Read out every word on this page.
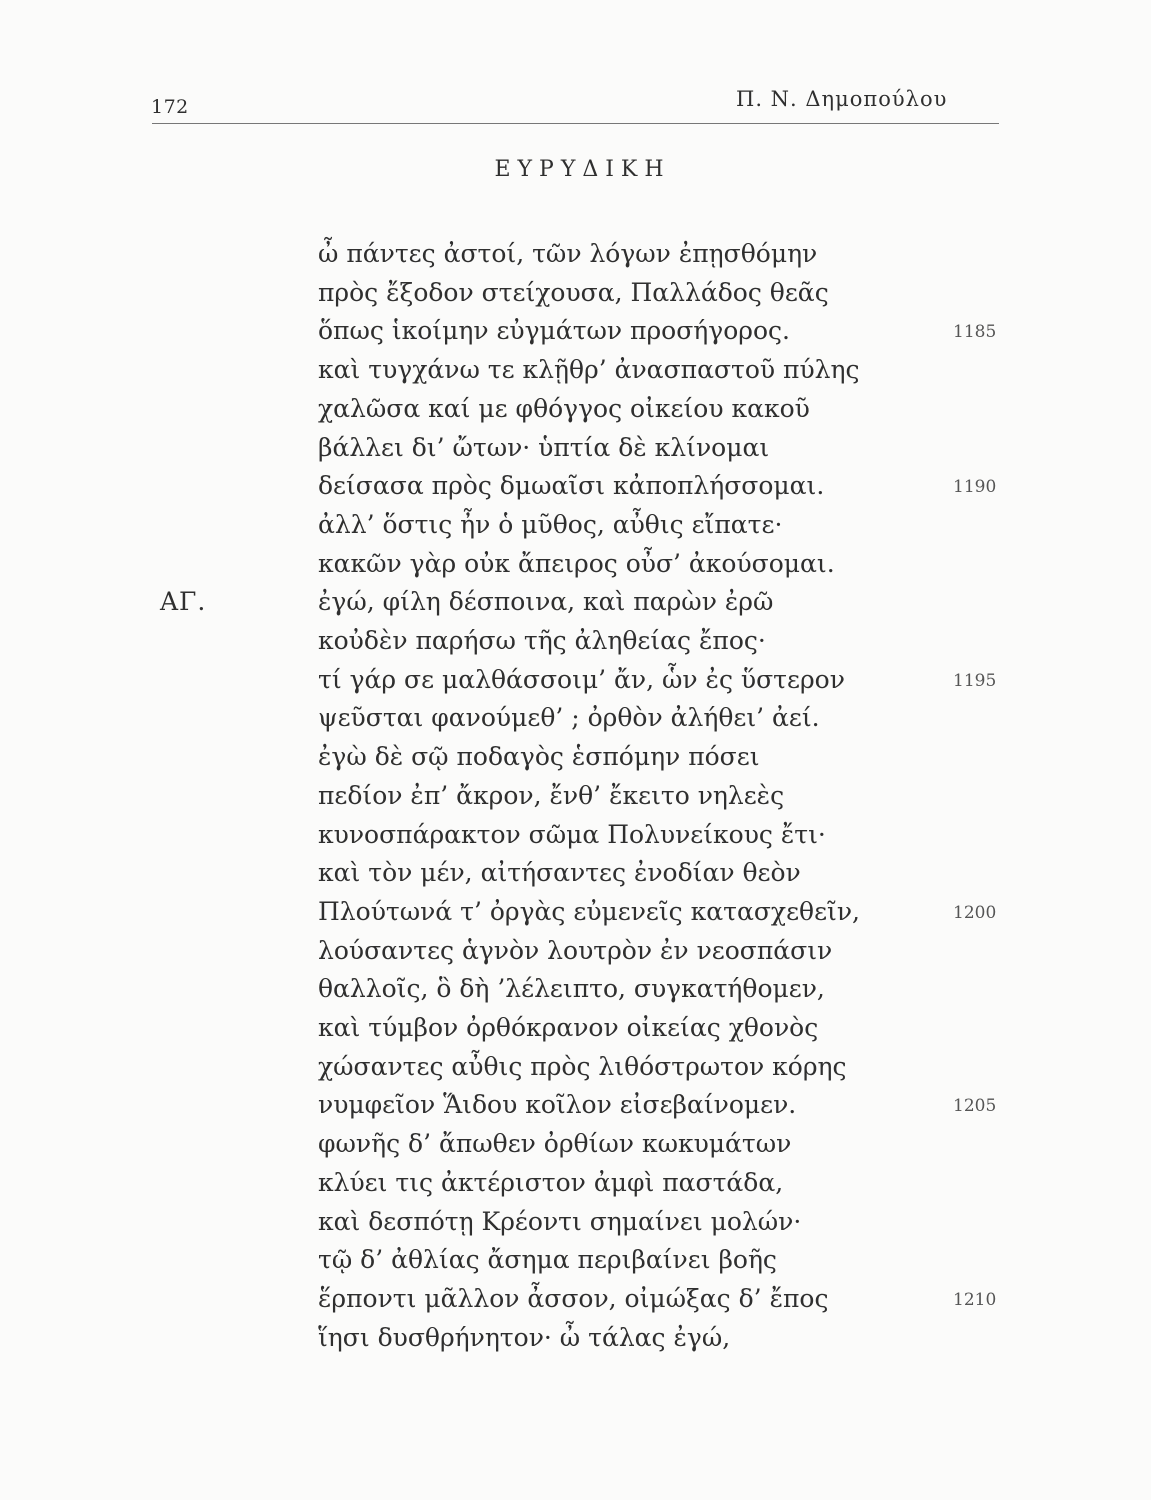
172	Π. Ν. Δημοπούλου
ΕΥΡΥΔΙΚΗ
ὦ πάντες ἀστοί, τῶν λόγων ἐπῃσθόμην
πρὸς ἔξοδον στείχουσα, Παλλάδος θεᾶς
ὅπως ἱκοίμην εὐγμάτων προσήγορος.	1185
καὶ τυγχάνω τε κλῇθρ’ ἀνασπαστοῦ πύλης
χαλῶσα καί με φθόγγος οἰκείου κακοῦ
βάλλει δι’ ὤτων· ὑπτία δὲ κλίνομαι
δείσασα πρὸς δμωαῖσι κἀποπλήσσομαι.	1190
ἀλλ’ ὅστις ἦν ὁ μῦθος, αὖθις εἴπατε·
κακῶν γὰρ οὐκ ἄπειρος οὖσ’ ἀκούσομαι.
ΑΓ.	ἐγώ, φίλη δέσποινα, καὶ παρὼν ἐρῶ
κοὐδὲν παρήσω τῆς ἀληθείας ἔπος·
τί γάρ σε μαλθάσσοιμ’ ἄν, ὧν ἐς ὕστερον	1195
ψεῦσται φανούμεθ’ ; ὀρθὸν ἀλήθει’ ἀεί.
ἐγὼ δὲ σῷ ποδαγὸς ἑσπόμην πόσει
πεδίον ἐπ’ ἄκρον, ἔνθ’ ἔκειτο νηλεὲς
κυνοσπάρακτον σῶμα Πολυνείκους ἔτι·
καὶ τὸν μέν, αἰτήσαντες ἐνοδίαν θεὸν
Πλούτωνά τ’ ὀργὰς εὐμενεῖς κατασχεθεῖν,	1200
λούσαντες ἁγνὸν λουτρὸν ἐν νεοσπάσιν
θαλλοῖς, ὃ δὴ ’λέλειπτο, συγκατήθομεν,
καὶ τύμβον ὀρθόκρανον οἰκείας χθονὸς
χώσαντες αὖθις πρὸς λιθόστρωτον κόρης
νυμφεῖον Ἅιδου κοῖλον εἰσεβαίνομεν.	1205
φωνῆς δ’ ἄπωθεν ὀρθίων κωκυμάτων
κλύει τις ἀκτέριστον ἀμφὶ παστάδα,
καὶ δεσπότῃ Κρέοντι σημαίνει μολών·
τῷ δ’ ἀθλίας ἄσημα περιβαίνει βοῆς
ἕρποντι μᾶλλον ἆσσον, οἰμώξας δ’ ἔπος	1210
ἵησι δυσθρήνητον· ὦ τάλας ἐγώ,
